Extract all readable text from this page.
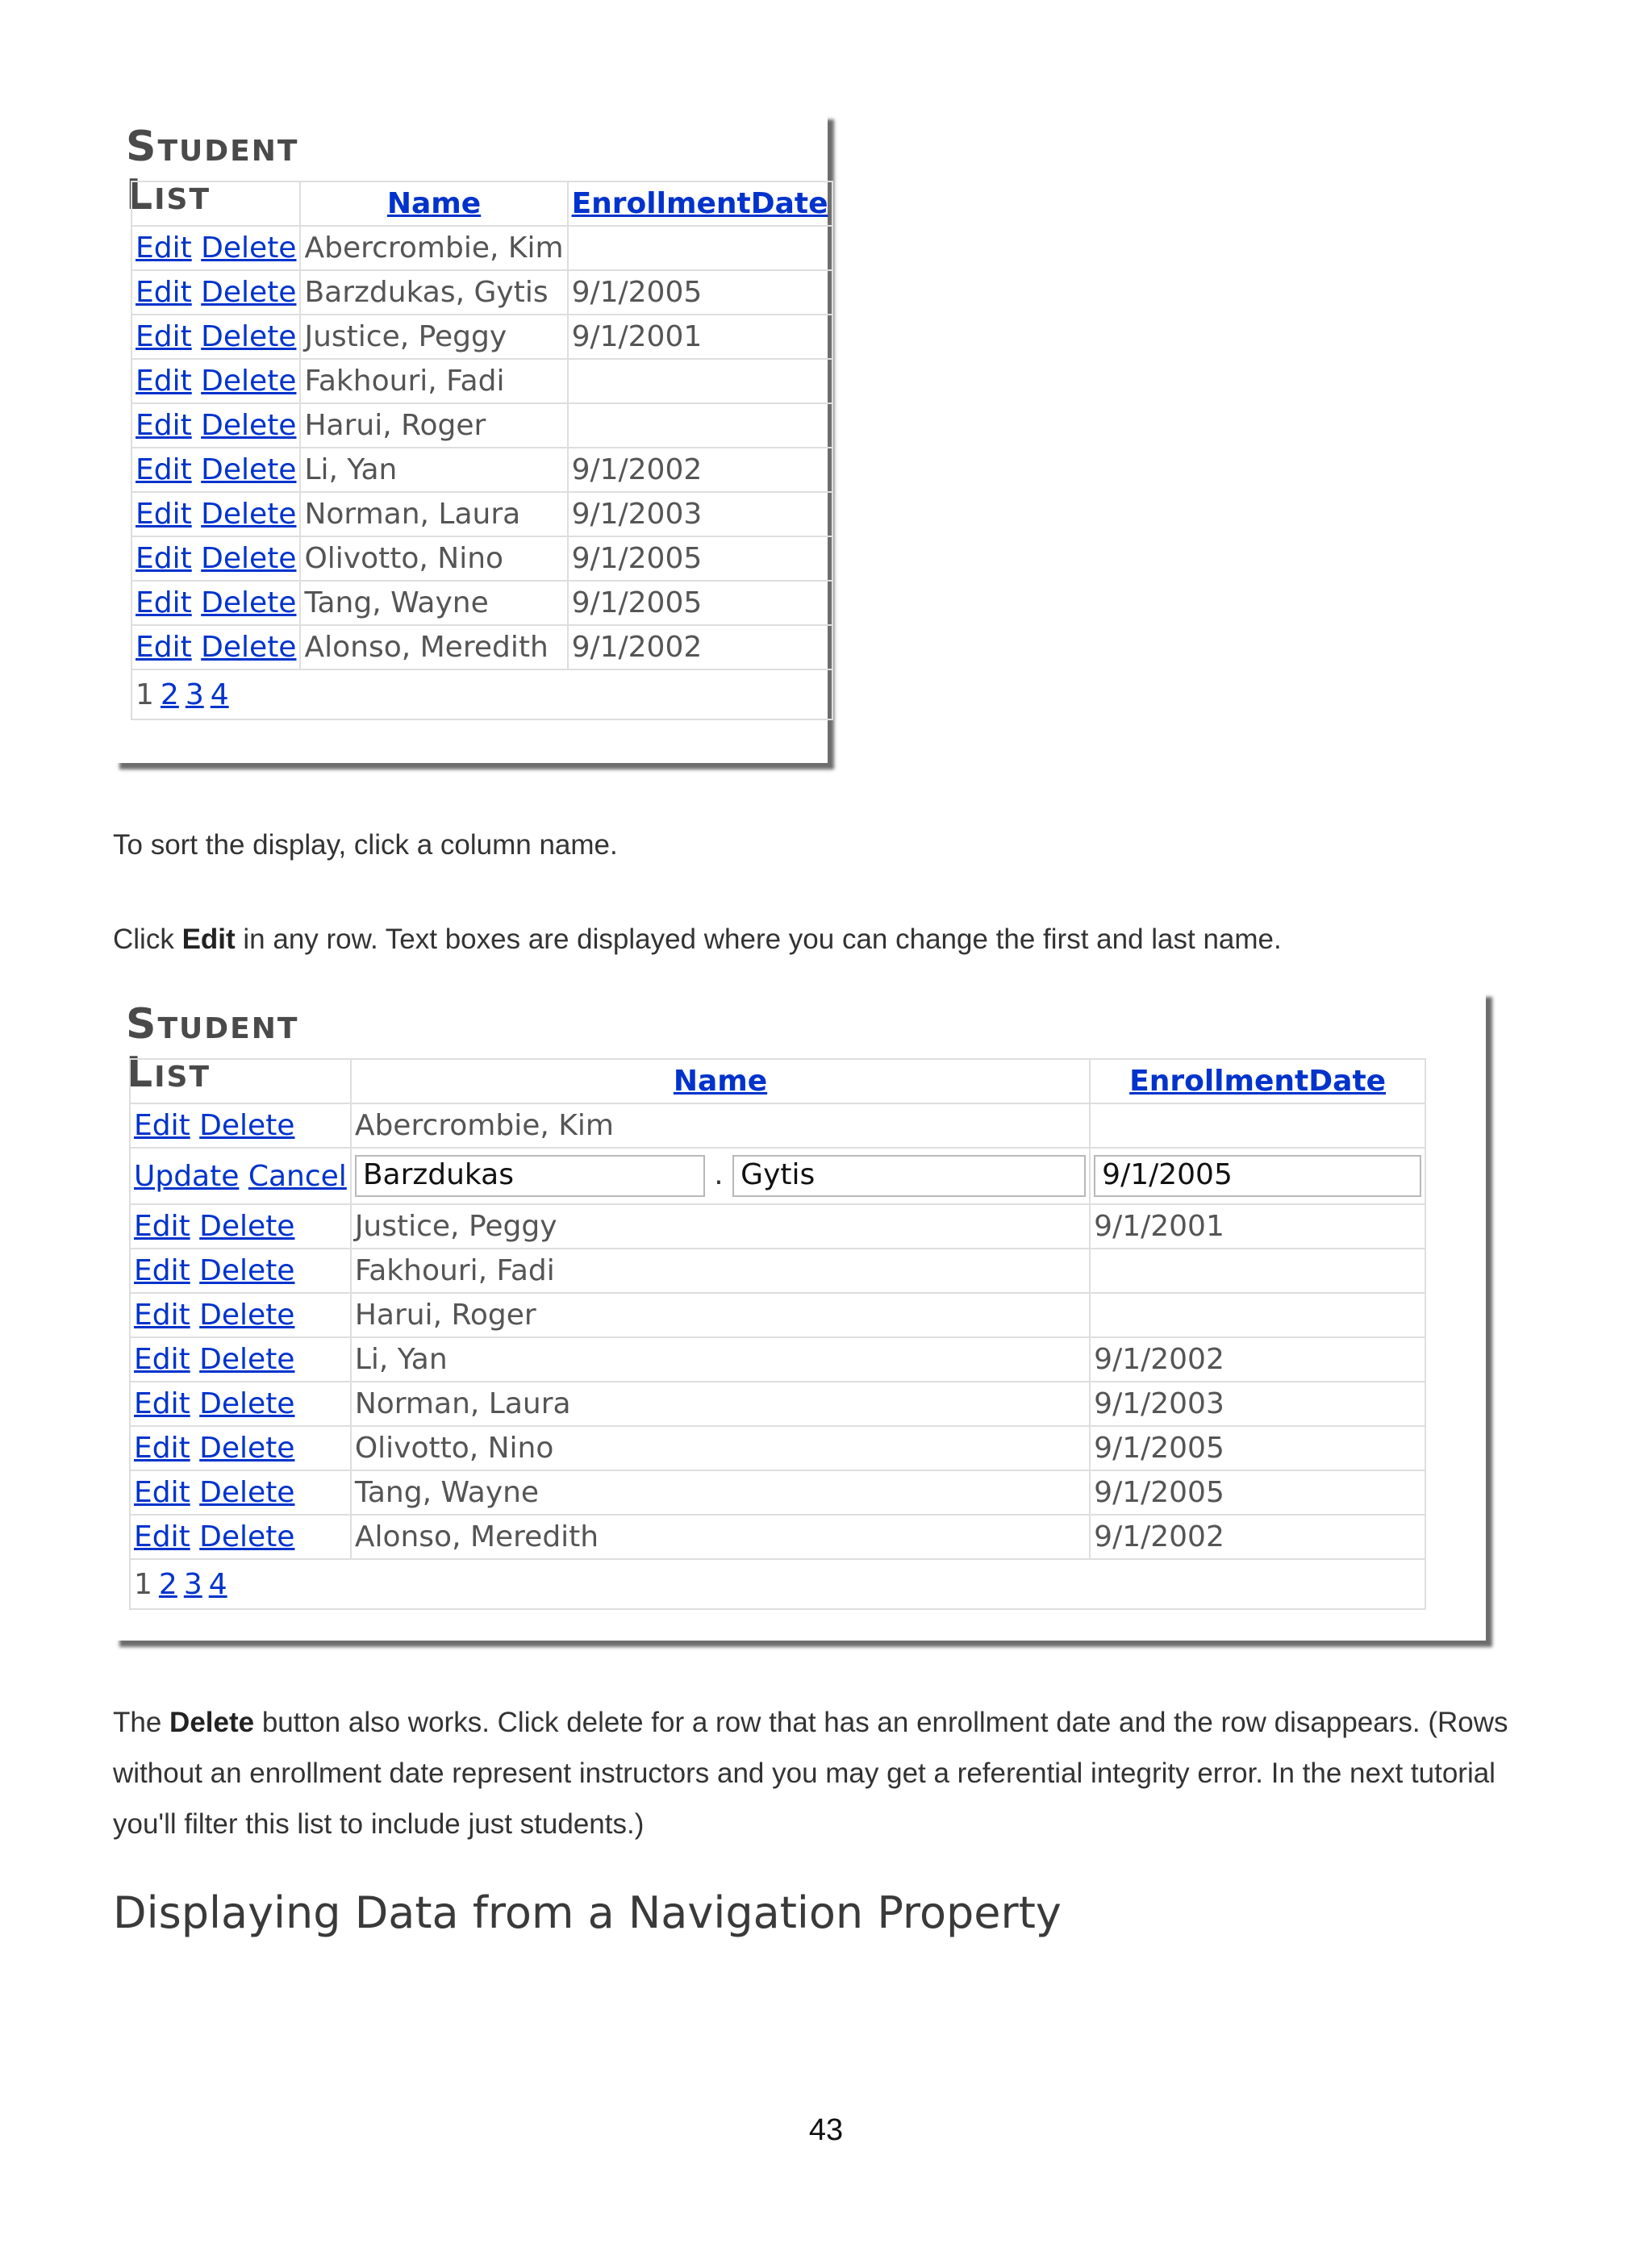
Student List
		Name	EnrollmentDate
Edit Delete	Abercrombie, Kim	
Edit Delete	Barzdukas, Gytis	9/1/2005
Edit Delete	Justice, Peggy	9/1/2001
Edit Delete	Fakhouri, Fadi	
Edit Delete	Harui, Roger	
Edit Delete	Li, Yan	9/1/2002
Edit Delete	Norman, Laura	9/1/2003
Edit Delete	Olivotto, Nino	9/1/2005
Edit Delete	Tang, Wayne	9/1/2005
Edit Delete	Alonso, Meredith	9/1/2002
1 2 3 4		
To sort the display, click a column name.
Click Edit in any row. Text boxes are displayed where you can change the first and last name.
Student List
		Name	EnrollmentDate
Edit Delete	Abercrombie, Kim	
Update Cancel	Barzdukas . Gytis	9/1/2005
Edit Delete	Justice, Peggy	9/1/2001
Edit Delete	Fakhouri, Fadi	
Edit Delete	Harui, Roger	
Edit Delete	Li, Yan	9/1/2002
Edit Delete	Norman, Laura	9/1/2003
Edit Delete	Olivotto, Nino	9/1/2005
Edit Delete	Tang, Wayne	9/1/2005
Edit Delete	Alonso, Meredith	9/1/2002
1 2 3 4		
The Delete button also works. Click delete for a row that has an enrollment date and the row disappears. (Rows without an enrollment date represent instructors and you may get a referential integrity error. In the next tutorial you'll filter this list to include just students.)
Displaying Data from a Navigation Property
43
